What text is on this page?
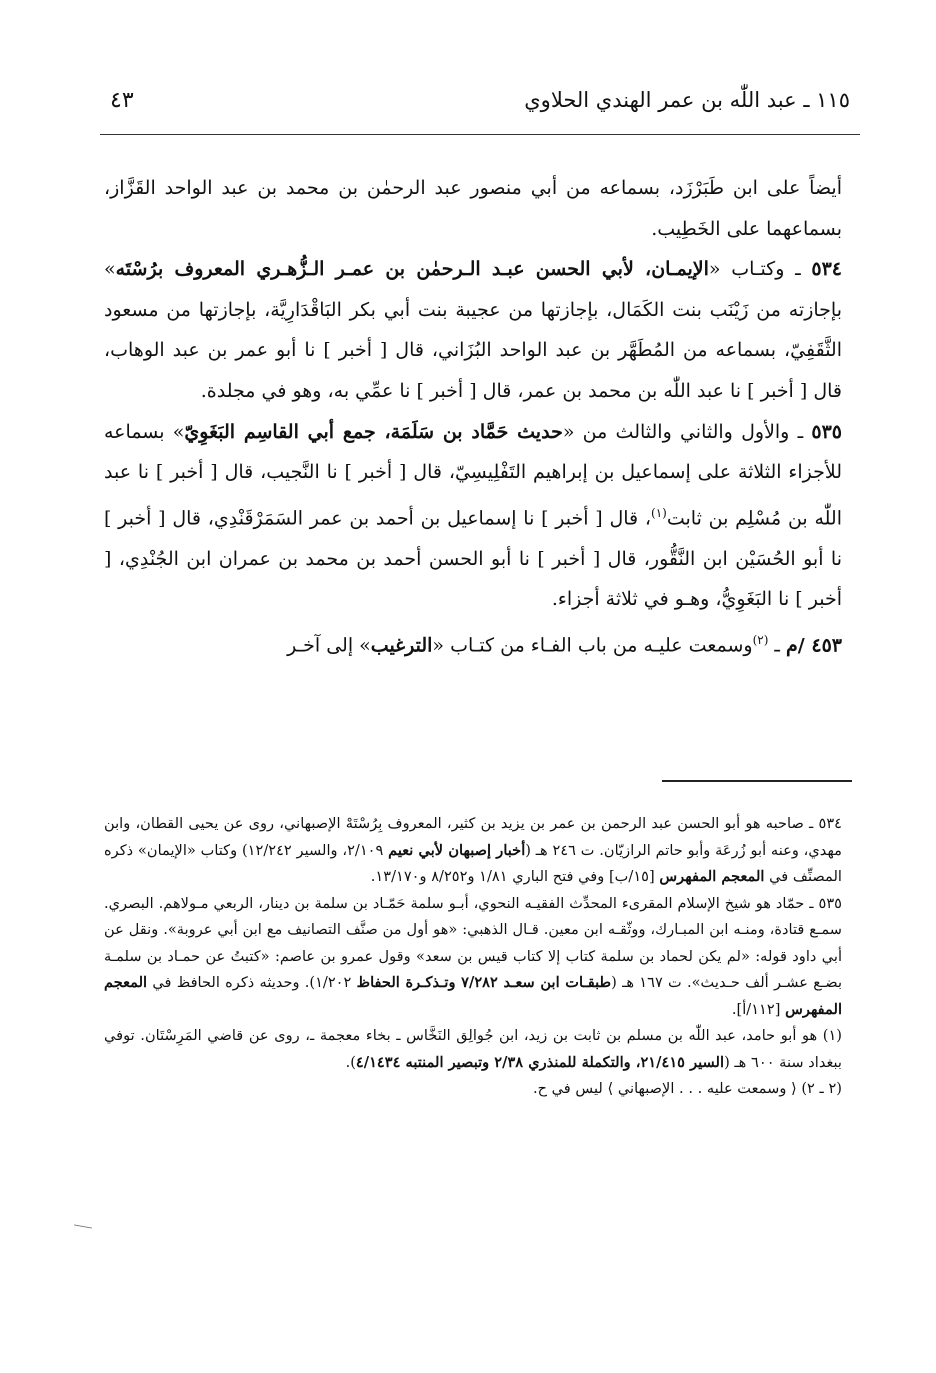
١١٥ ـ عبد اللّٰه بن عمر الهندي الحلاوي
٤٣

أيضاً على ابن طَبَرْزَد، بسماعه من أبي منصور عبد الرحمٰن بن محمد بن عبد الواحد القَزَّاز، بسماعهما على الخَطِيب.

٥٣٤ ـ وكتـاب «الإيمـان، لأبي الحسن عبـد الـرحمٰن بن عمـر الـزُّهـري المعروف برُسْتَه» بإجازته من زَيْنَب بنت الكَمَال، بإجازتها من عجيبة بنت أبي بكر البَاقْدَارِيَّة، بإجازتها من مسعود الثَّقَفِيّ، بسماعه من المُطَهَّر بن عبد الواحد البُزَاني، قال [ أخبر ] نا أبو عمر بن عبد الوهاب، قال [ أخبر ] نا عبد اللّٰه بن محمد بن عمر، قال [ أخبر ] نا عمِّي به، وهو في مجلدة.

٥٣٥ ـ والأول والثاني والثالث من «حديث حَمَّاد بن سَلَمَة، جمع أبي القاسِم البَغَوِيّ» بسماعه للأجزاء الثلاثة على إسماعيل بن إبراهيم التَفْلِيسِيّ، قال [ أخبر ] نا النَّجيب، قال [ أخبر ] نا عبد اللّٰه بن مُسْلِم بن ثابت$^{(١)}$، قال [ أخبر ] نا إسماعيل بن أحمد بن عمر السَمَرْقَنْدِي، قال [ أخبر ] نا أبو الحُسَيْن ابن النَّقُّور، قال [ أخبر ] نا أبو الحسن أحمد بن محمد بن عمران ابن الجُنْدِي، [ أخبر ] نا البَغَوِيُّ، وهـو في ثلاثة أجزاء.

٤٥٣ /م ـ $^{(٢)}$وسمعت عليـه من باب الفـاء من كتـاب «الترغيب» إلى آخـر

٥٣٤ ـ صاحبه هو أبو الحسن عبد الرحمن بن عمر بن يزيد بن كثير، المعروف بِرُسْتَهْ الإصبهاني، روى عن يحيى القطان، وابن مهدي، وعنه أبو زُرعَة وأبو حاتم الرازيّان. ت ٢٤٦ هـ (أخبار إصبهان لأبي نعيم ٢/١٠٩، والسير ١٢/٢٤٢) وكتاب «الإيمان» ذكره المصنِّف في المعجم المفهرس [١٥/ب] وفي فتح الباري ١/٨١ و٨/٢٥٢ و١٣/١٧٠.

٥٣٥ ـ حمّاد هو شيخ الإسلام المقرىء المحدِّث الفقيـه النحوي، أبـو سلمة حَمّـاد بن سلمة بن دينار، الربعي مـولاهم. البصري. سمـع قتادة، ومنـه ابن المبـارك، ووثّقـه ابن معين. قـال الذهبي: «هو أول من صنَّف التصانيف مع ابن أبي عروبة». ونقل عن أبي داود قوله: «لم يكن لحماد بن سلمة كتاب إلا كتاب قيس بن سعد» وقول عمرو بن عاصم: «كتبتُ عن حمـاد بن سلمـة بضـع عشـر ألف حـديث». ت ١٦٧ هـ (طبقـات ابن سعـد ٧/٢٨٢ وتـذكـرة الحفاظ ١/٢٠٢). وحديثه ذكره الحافظ في المعجم المفهرس [١١٢/أ].

(١) هو أبو حامد، عبد اللّٰه بن مسلم بن ثابت بن زيد، ابن جُوالِق النَخَّاس ـ بخاء معجمة ـ، روى عن قاضي المَرِسْتَان. توفي ببغداد سنة ٦٠٠ هـ (السير ٢١/٤١٥، والتكملة للمنذري ٢/٣٨ وتبصير المنتبه ٤/١٤٣٤).

(٢ ـ ٢) ⟨ وسمعت عليه . . . الإصبهاني ⟩ ليس في ح.
